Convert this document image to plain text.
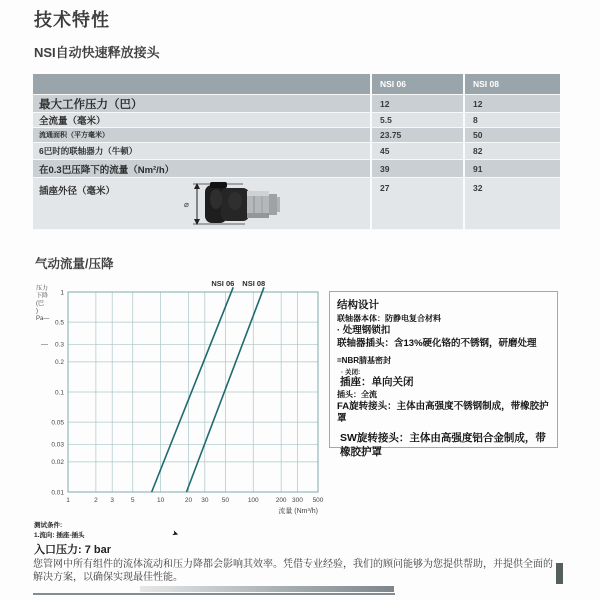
技术特性
NSI自动快速释放接头
NSI 06	NSI 08
最大工作压力（巴）	12	12
全流量（毫米）	5.5	8
流通面积（平方毫米）	23.75	50
6巴时的联轴器力（牛顿）	45	82
在0.3巴压降下的流量（Nm²/h）	39	91
插座外径（毫米）	27	32
⌀
气动流量/压降
1	2 3	5	10	20 30 50	100	200 300 500
1
0.5
0.3
0.2
0.1
0.05
0.03
0.02
0.01
NSI 06 NSI 08
压力
下降
(巴
)
Pa—
—
流量 (Nm³/h)
结构设计
联轴器本体：防静电复合材料
· 处理钢锁扣
联轴器插头：含13%硬化铬的不锈钢，研磨处理
=NBR腈基密封
· 关闭:
插座：单向关闭
插头：全流
FA旋转接头：主体由高强度不锈钢制成，带橡胶护罩
SW旋转接头：主体由高强度铝合金制成，带橡胶护罩
测试条件:
1.流向: 插座-插头	➤
入口压力: 7 bar
您管网中所有组件的流体流动和压力降都会影响其效率。凭借专业经验，我们的顾问能够为您提供帮助，并提供全面的解决方案，以确保实现最佳性能。
